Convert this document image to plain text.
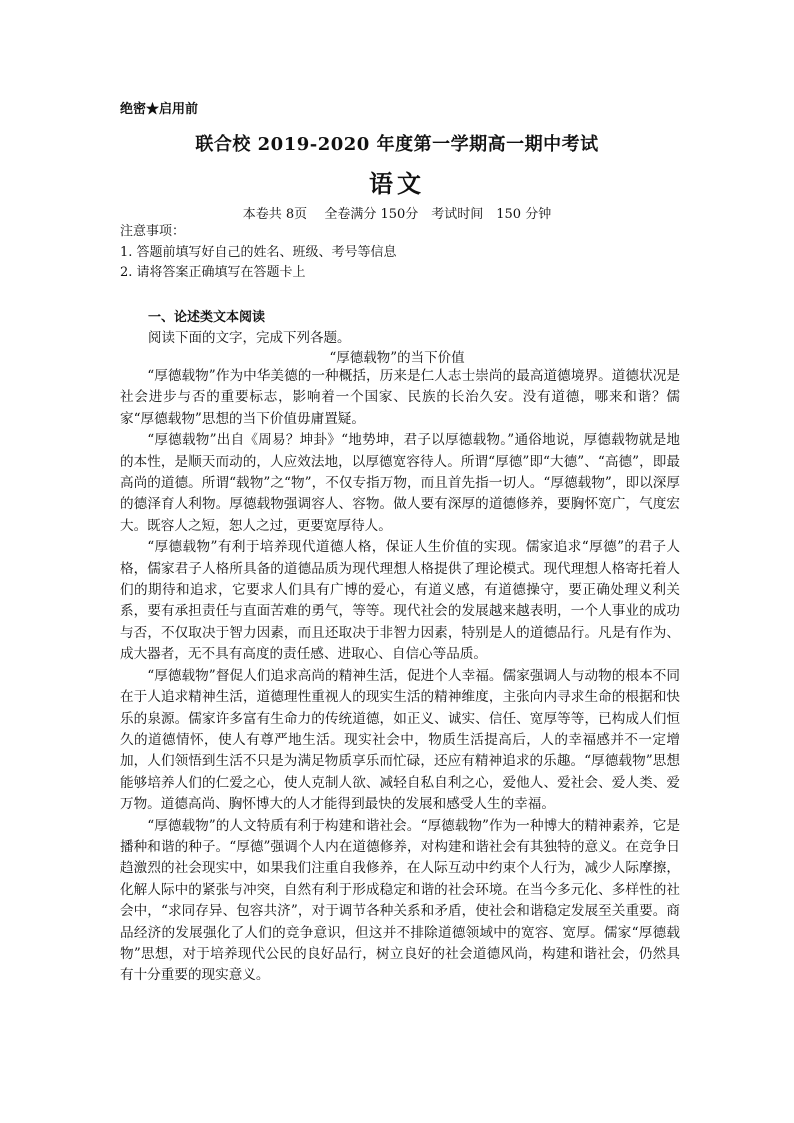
绝密★启用前
联合校 2019-2020 年度第一学期高一期中考试
语文
本卷共 8页　 全卷满分 150分　考试时间　150 分钟
注意事项：
1. 答题前填写好自己的姓名、班级、考号等信息
2. 请将答案正确填写在答题卡上
一、论述类文本阅读
阅读下面的文字，完成下列各题。
“厚德载物”的当下价值

“厚德载物”作为中华美德的一种概括，历来是仁人志士崇尚的最高道德境界。道德状况是社会进步与否的重要标志，影响着一个国家、民族的长治久安。没有道德，哪来和谐？儒家“厚德载物”思想的当下价值毋庸置疑。

“厚德载物”出自《周易？坤卦》“地势坤，君子以厚德载物。”通俗地说，厚德载物就是地的本性，是顺天而动的，人应效法地，以厚德宽容待人。所谓“厚德”即“大德”、“高德”，即最高尚的道德。所谓“载物”之“物”，不仅专指万物，而且首先指一切人。“厚德载物”，即以深厚的德泽育人利物。厚德载物强调容人、容物。做人要有深厚的道德修养，要胸怀宽广，气度宏大。既容人之短，恕人之过，更要宽厚待人。

“厚德载物”有利于培养现代道德人格，保证人生价值的实现。儒家追求“厚德”的君子人格，儒家君子人格所具备的道德品质为现代理想人格提供了理论模式。现代理想人格寄托着人们的期待和追求，它要求人们具有广博的爱心，有道义感，有道德操守，要正确处理义利关系，要有承担责任与直面苦难的勇气，等等。现代社会的发展越来越表明，一个人事业的成功与否，不仅取决于智力因素，而且还取决于非智力因素，特别是人的道德品行。凡是有作为、成大器者，无不具有高度的责任感、进取心、自信心等品质。

“厚德载物”督促人们追求高尚的精神生活，促进个人幸福。儒家强调人与动物的根本不同在于人追求精神生活，道德理性重视人的现实生活的精神维度，主张向内寻求生命的根据和快乐的泉源。儒家许多富有生命力的传统道德，如正义、诚实、信任、宽厚等等，已构成人们恒久的道德情怀，使人有尊严地生活。现实社会中，物质生活提高后，人的幸福感并不一定增加，人们领悟到生活不只是为满足物质享乐而忙碌，还应有精神追求的乐趣。“厚德载物”思想能够培养人们的仁爱之心，使人克制人欲、减轻自私自利之心，爱他人、爱社会、爱人类、爱万物。道德高尚、胸怀博大的人才能得到最快的发展和感受人生的幸福。

“厚德载物”的人文特质有利于构建和谐社会。“厚德载物”作为一种博大的精神素养，它是播种和谐的种子。“厚德”强调个人内在道德修养，对构建和谐社会有其独特的意义。在竞争日趋激烈的社会现实中，如果我们注重自我修养，在人际互动中约束个人行为，减少人际摩擦，化解人际中的紧张与冲突，自然有利于形成稳定和谐的社会环境。在当今多元化、多样性的社会中，“求同存异、包容共济”，对于调节各种关系和矛盾，使社会和谐稳定发展至关重要。商品经济的发展强化了人们的竞争意识，但这并不排除道德领域中的宽容、宽厚。儒家“厚德载物”思想，对于培养现代公民的良好品行，树立良好的社会道德风尚，构建和谐社会，仍然具有十分重要的现实意义。
